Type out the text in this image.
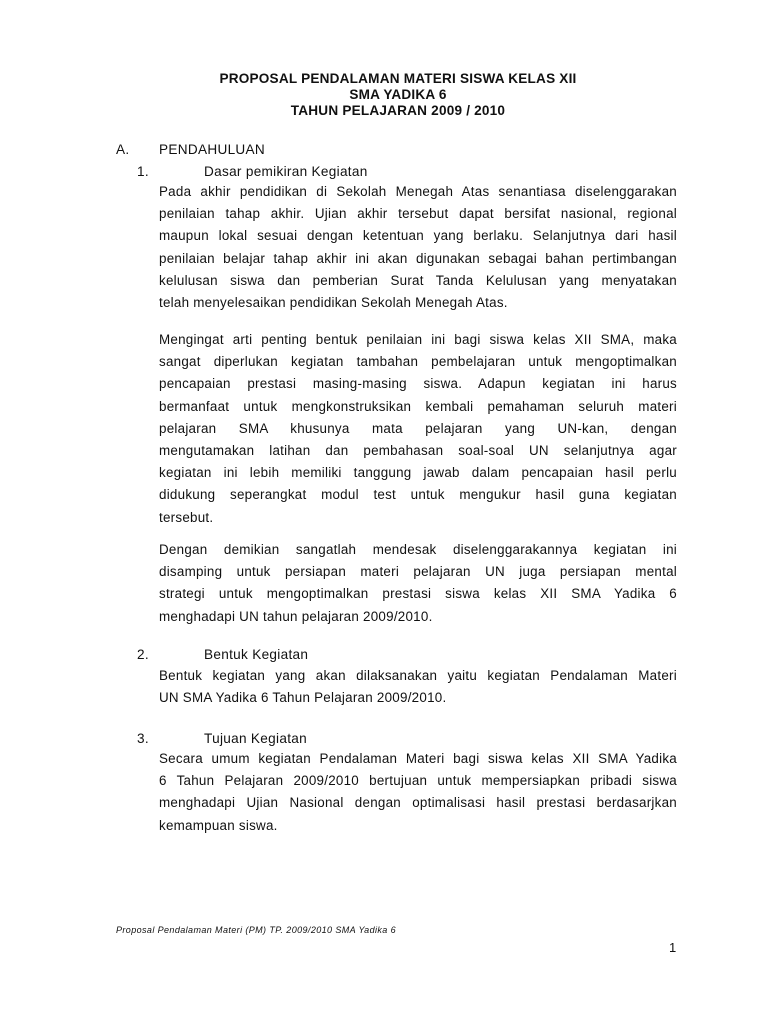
PROPOSAL PENDALAMAN MATERI SISWA KELAS XII
SMA YADIKA 6
TAHUN PELAJARAN 2009 / 2010
A. PENDAHULUAN
1.	Dasar pemikiran Kegiatan
Pada akhir pendidikan di Sekolah Menegah Atas senantiasa diselenggarakan
penilaian tahap akhir. Ujian akhir tersebut dapat bersifat nasional, regional
maupun lokal sesuai dengan ketentuan yang berlaku. Selanjutnya dari hasil
penilaian belajar tahap akhir ini akan digunakan sebagai bahan pertimbangan
kelulusan siswa dan pemberian Surat Tanda Kelulusan yang menyatakan
telah menyelesaikan pendidikan Sekolah Menegah Atas.
Mengingat arti penting bentuk penilaian ini bagi siswa kelas XII SMA, maka
sangat diperlukan kegiatan tambahan pembelajaran untuk mengoptimalkan
pencapaian prestasi masing-masing siswa. Adapun kegiatan ini harus
bermanfaat untuk mengkonstruksikan kembali pemahaman seluruh materi
pelajaran SMA khusunya mata pelajaran yang UN-kan, dengan
mengutamakan latihan dan pembahasan soal-soal UN selanjutnya agar
kegiatan ini lebih memiliki tanggung jawab dalam pencapaian hasil perlu
didukung seperangkat modul test untuk mengukur hasil guna kegiatan
tersebut.
Dengan demikian sangatlah mendesak diselenggarakannya kegiatan ini
disamping untuk persiapan materi pelajaran UN juga persiapan mental
strategi untuk mengoptimalkan prestasi siswa kelas XII SMA Yadika 6
menghadapi UN tahun pelajaran 2009/2010.
2.	Bentuk Kegiatan
Bentuk kegiatan yang akan dilaksanakan yaitu kegiatan Pendalaman Materi
UN SMA Yadika 6 Tahun Pelajaran 2009/2010.
3.	Tujuan Kegiatan
Secara umum kegiatan Pendalaman Materi bagi siswa kelas XII SMA Yadika
6 Tahun Pelajaran 2009/2010 bertujuan untuk mempersiapkan pribadi siswa
menghadapi Ujian Nasional dengan optimalisasi hasil prestasi berdasarjkan
kemampuan siswa.
Proposal Pendalaman Materi (PM) TP. 2009/2010 SMA Yadika 6
1
